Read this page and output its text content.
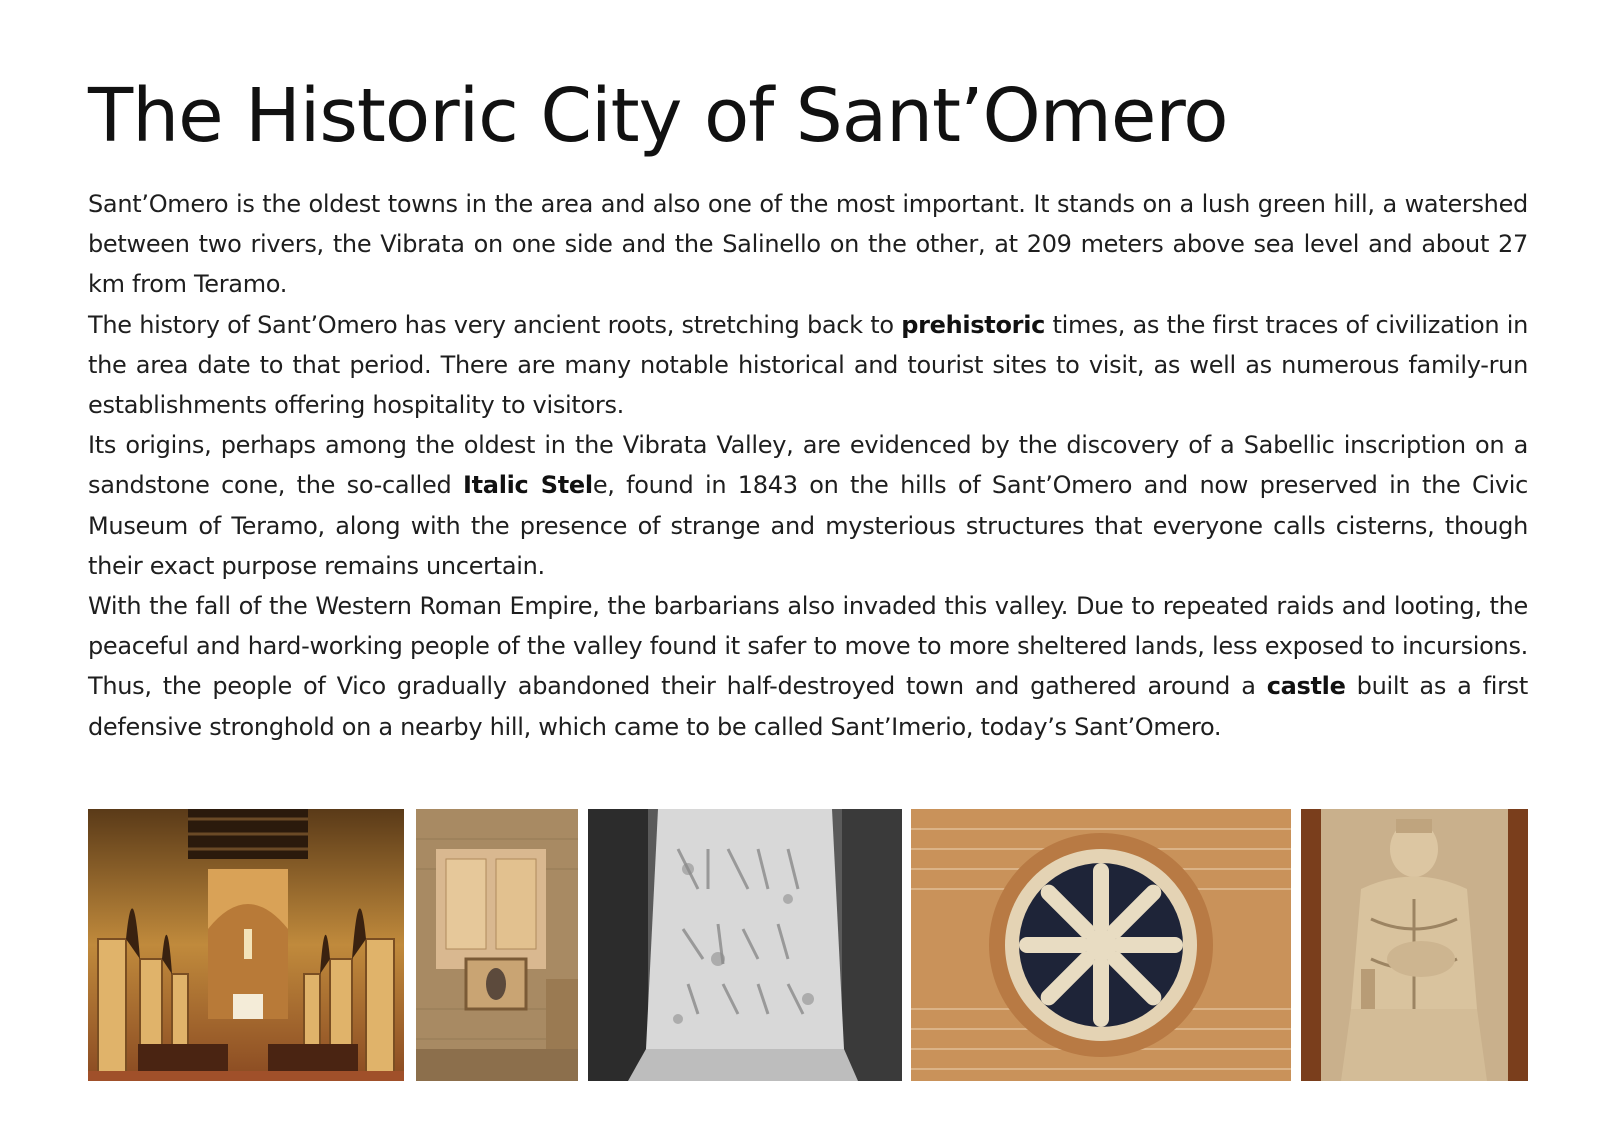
The Historic City of Sant’Omero

Sant’Omero is the oldest towns in the area and also one of the most important. It stands on a lush green hill, a watershed between two rivers, the Vibrata on one side and the Salinello on the other, at 209 meters above sea level and about 27 km from Teramo.

The history of Sant’Omero has very ancient roots, stretching back to prehistoric times, as the first traces of civilization in the area date to that period. There are many notable historical and tourist sites to visit, as well as numerous family-run establishments offering hospitality to visitors.

Its origins, perhaps among the oldest in the Vibrata Valley, are evidenced by the discovery of a Sabellic inscription on a sandstone cone, the so-called Italic Stele, found in 1843 on the hills of Sant’Omero and now preserved in the Civic Museum of Teramo, along with the presence of strange and mysterious structures that everyone calls cisterns, though their exact purpose remains uncertain.

With the fall of the Western Roman Empire, the barbarians also invaded this valley. Due to repeated raids and looting, the peaceful and hard-working people of the valley found it safer to move to more sheltered lands, less exposed to incursions. Thus, the people of Vico gradually abandoned their half-destroyed town and gathered around a castle built as a first defensive stronghold on a nearby hill, which came to be called Sant’Imerio, today’s Sant’Omero.
